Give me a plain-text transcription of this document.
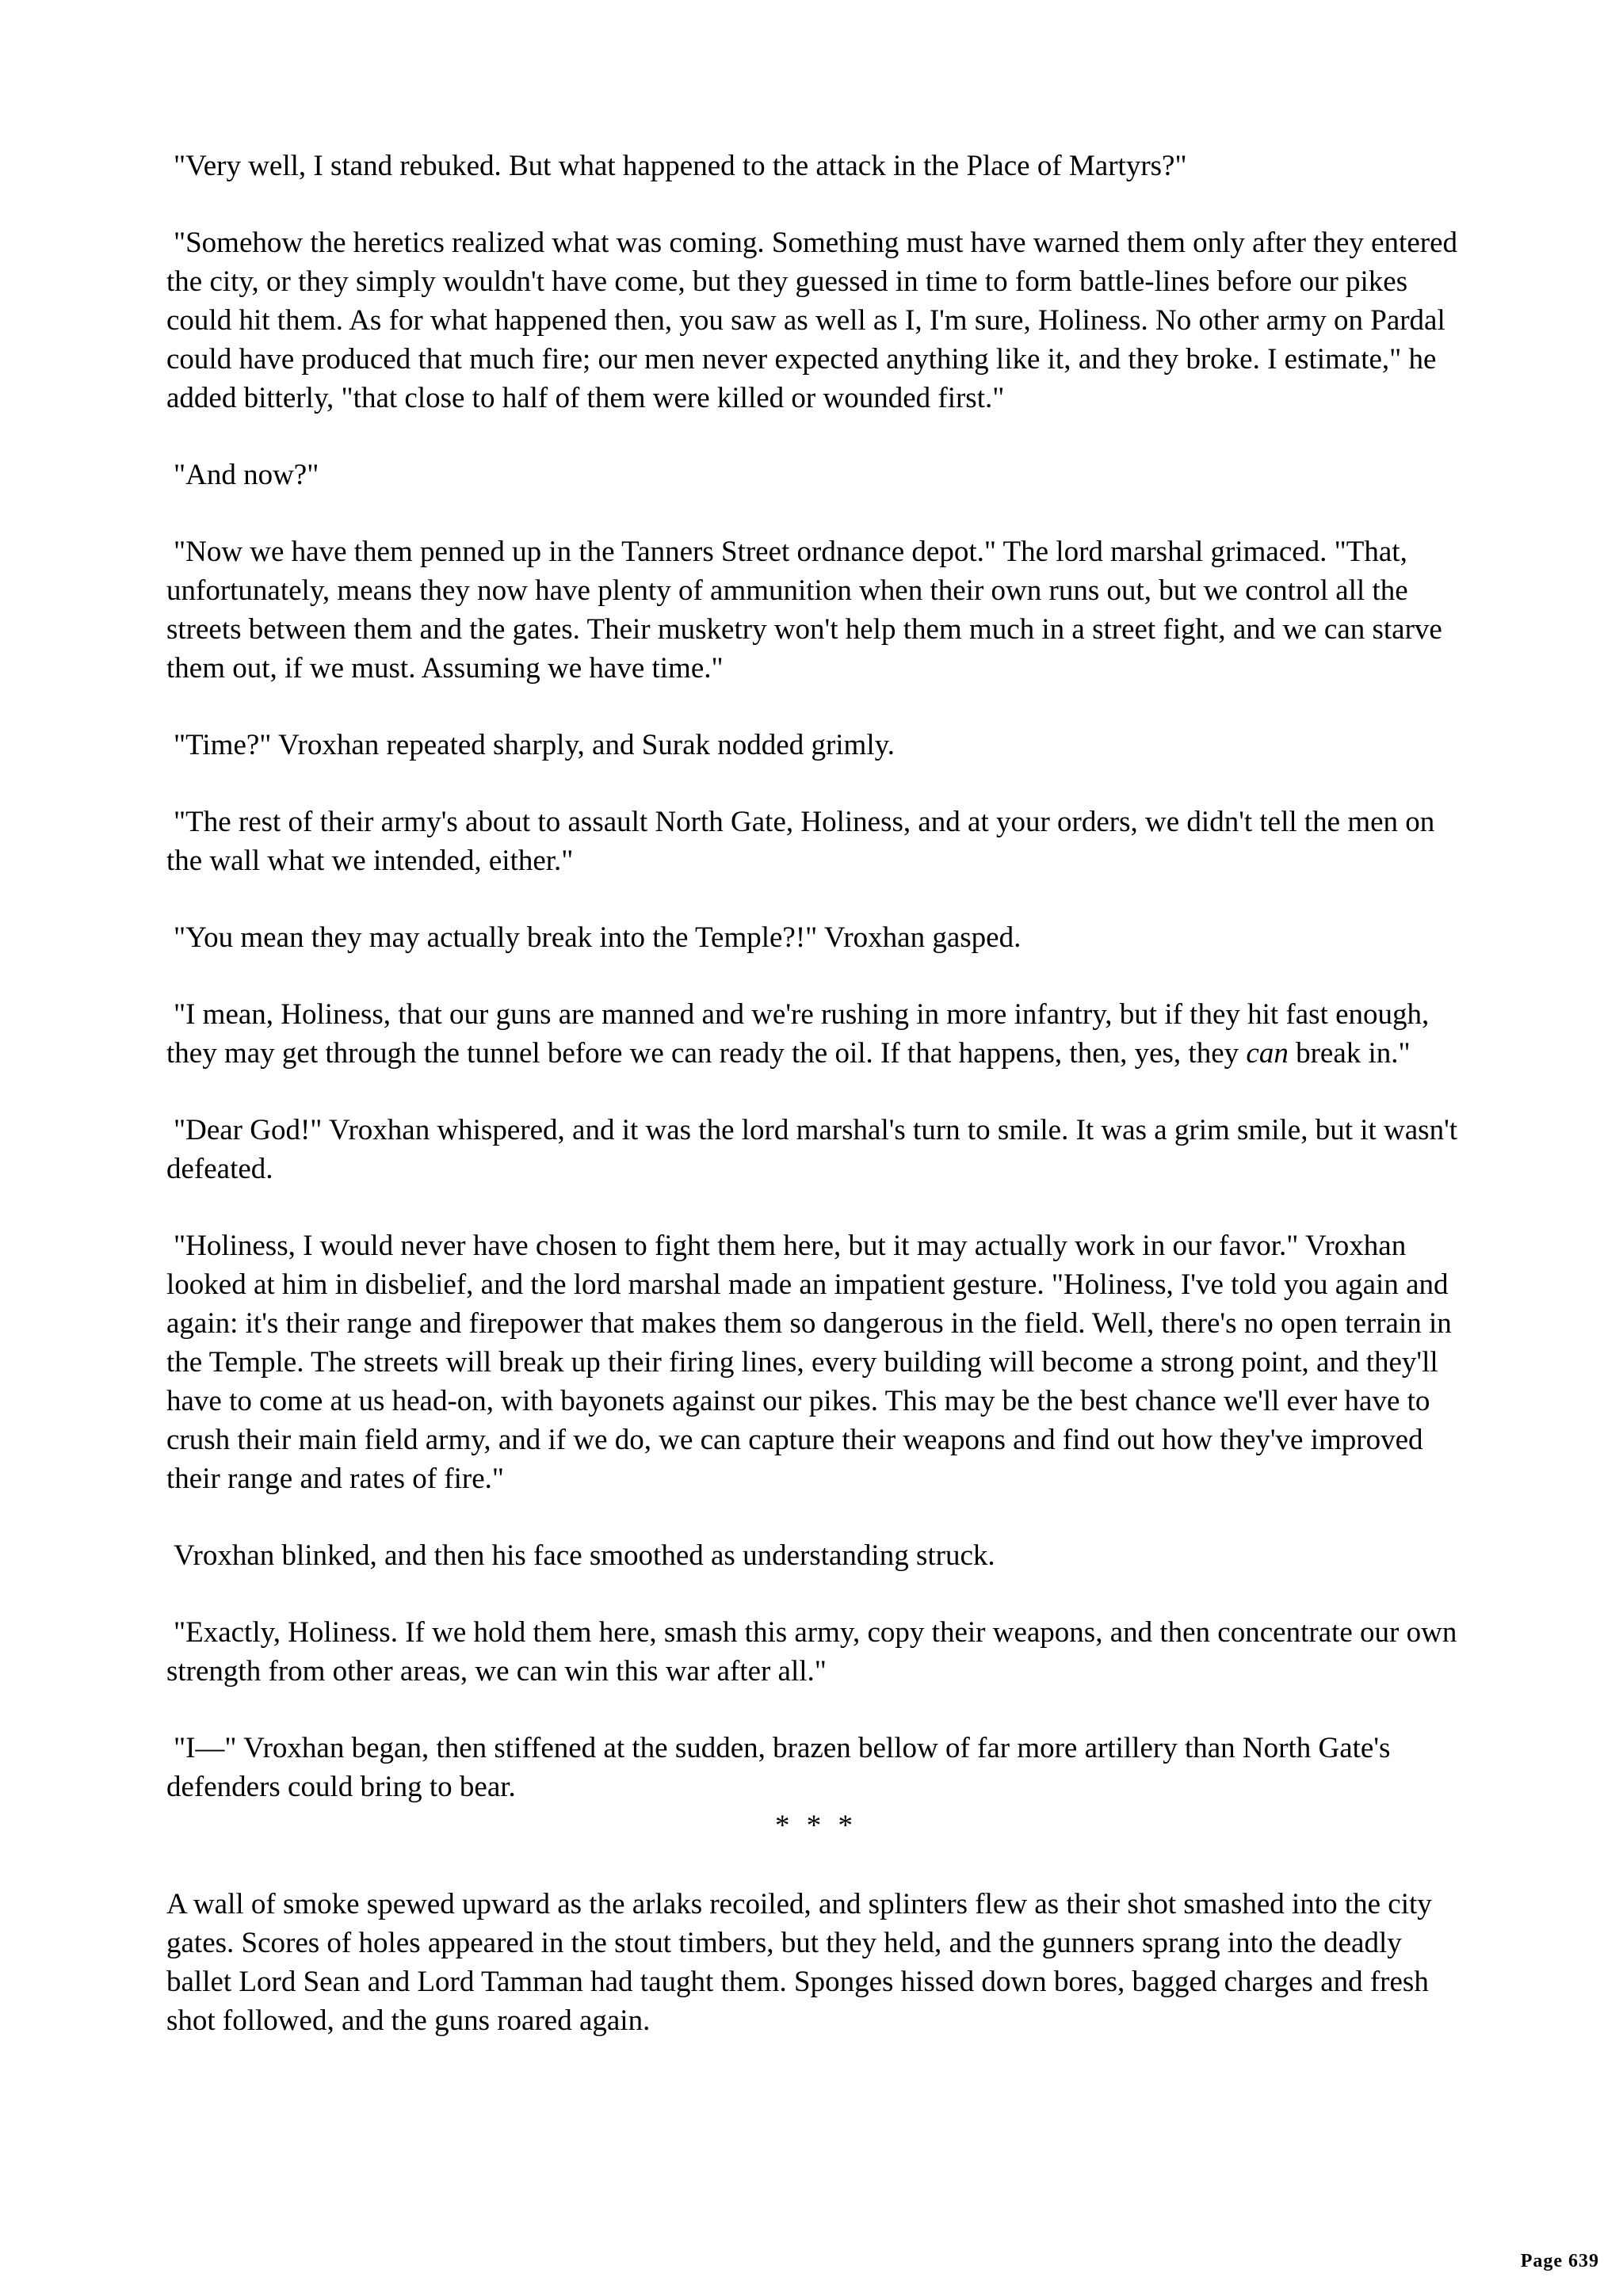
"Very well, I stand rebuked. But what happened to the attack in the Place of Martyrs?"

"Somehow the heretics realized what was coming. Something must have warned them only after they entered the city, or they simply wouldn't have come, but they guessed in time to form battle-lines before our pikes could hit them. As for what happened then, you saw as well as I, I'm sure, Holiness. No other army on Pardal could have produced that much fire; our men never expected anything like it, and they broke. I estimate," he added bitterly, "that close to half of them were killed or wounded first."

"And now?"

"Now we have them penned up in the Tanners Street ordnance depot." The lord marshal grimaced. "That, unfortunately, means they now have plenty of ammunition when their own runs out, but we control all the streets between them and the gates. Their musketry won't help them much in a street fight, and we can starve them out, if we must. Assuming we have time."

"Time?" Vroxhan repeated sharply, and Surak nodded grimly.

"The rest of their army's about to assault North Gate, Holiness, and at your orders, we didn't tell the men on the wall what we intended, either."

"You mean they may actually break into the Temple?!" Vroxhan gasped.

"I mean, Holiness, that our guns are manned and we're rushing in more infantry, but if they hit fast enough, they may get through the tunnel before we can ready the oil. If that happens, then, yes, they can break in."

"Dear God!" Vroxhan whispered, and it was the lord marshal's turn to smile. It was a grim smile, but it wasn't defeated.

"Holiness, I would never have chosen to fight them here, but it may actually work in our favor." Vroxhan looked at him in disbelief, and the lord marshal made an impatient gesture. "Holiness, I've told you again and again: it's their range and firepower that makes them so dangerous in the field. Well, there's no open terrain in the Temple. The streets will break up their firing lines, every building will become a strong point, and they'll have to come at us head-on, with bayonets against our pikes. This may be the best chance we'll ever have to crush their main field army, and if we do, we can capture their weapons and find out how they've improved their range and rates of fire."

Vroxhan blinked, and then his face smoothed as understanding struck.

"Exactly, Holiness. If we hold them here, smash this army, copy their weapons, and then concentrate our own strength from other areas, we can win this war after all."

"I—" Vroxhan began, then stiffened at the sudden, brazen bellow of far more artillery than North Gate's defenders could bring to bear.

* * *

A wall of smoke spewed upward as the arlaks recoiled, and splinters flew as their shot smashed into the city gates. Scores of holes appeared in the stout timbers, but they held, and the gunners sprang into the deadly ballet Lord Sean and Lord Tamman had taught them. Sponges hissed down bores, bagged charges and fresh shot followed, and the guns roared again.

Page 639
